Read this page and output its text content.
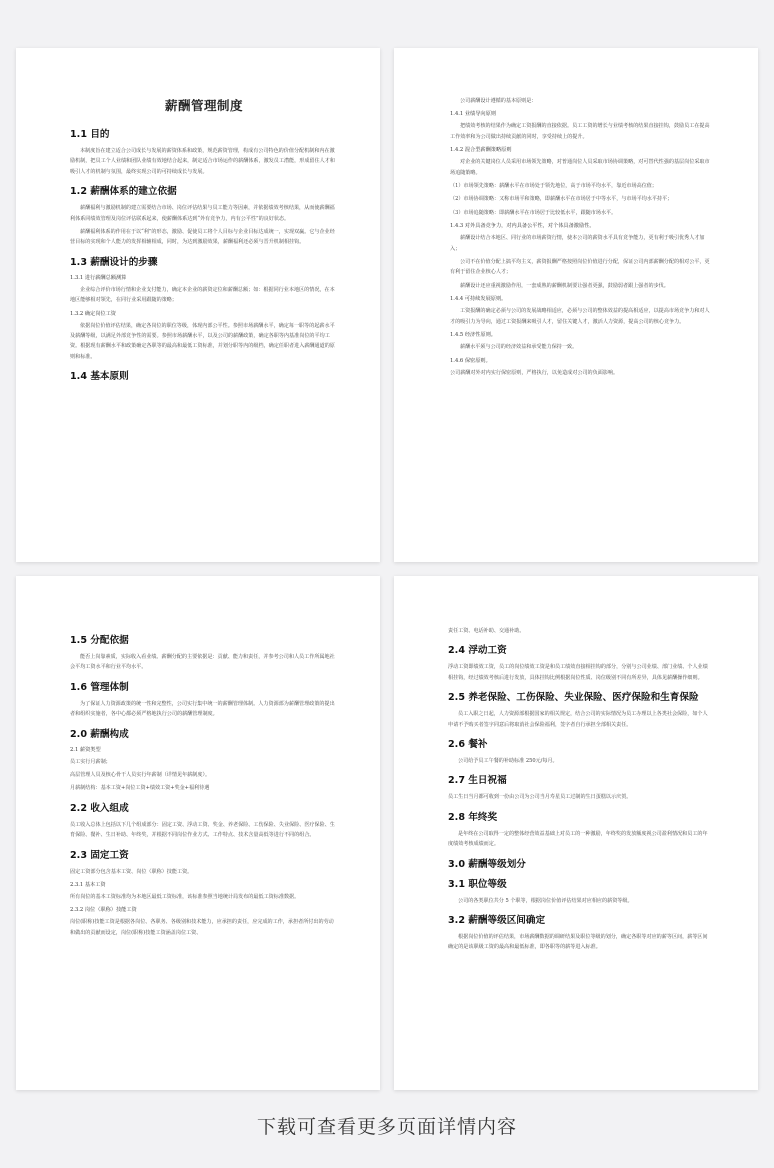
薪酬管理制度
1.1 目的
本制度旨在建立适合公司成长与发展的薪资体系和政策，规范薪资管理，构成有公司特色的价值分配机制和内在激励机制，把员工个人业绩和团队业绩有效地结合起来，制定适合市场运作的薪酬体系，激发员工潜能，形成留住人才和吸引人才的机制与氛围，最终实现公司的可持续成长与发展。
1.2 薪酬体系的建立依据
薪酬福利与激励机制的建立需要结合市场、岗位评估结果与员工能力等因素，并依据绩效考核结果，从而使薪酬福利体系同绩效管理及岗位评估联系起来，使薪酬体系达到“外有竞争力，内有公平性”的良好状态。
薪酬福利体系的作用在于以“利”的形态，激励、促使员工将个人目标与企业目标达成统一，实现双赢。它与企业经营目标的实现和个人能力的发挥相辅相成，同时，为达到激励效果，薪酬福利还必须与晋升机制相挂钩。
1.3 薪酬设计的步骤
1.3.1 进行薪酬总额测算
企业综合评价市场行情和企业支付能力，确定本企业的薪资定位和薪酬总额；如：根据同行业本地区的情况，在本地区能够相对领先，在同行业采用跟随的策略；
1.3.2 确定岗位工资
依据岗位价值评估结果，确定各岗位的职位等级，体现内部公平性。参照市场薪酬水平，确定每一职等的起薪水平及薪酬等级，以满足外部竞争性的需要。参照市场薪酬水平，以及公司的薪酬政策，确定各职等内基准岗位的平均工资。根据现有薪酬水平和政策确定各职等的最高和最低工资标准，并划分职等内的级档，确定任职者进入薪酬通道的原则和标准。
1.4 基本原则
公司薪酬设计遵循的基本原则是：
1.4.1 业绩导向原则
把绩效考核的结果作为确定工资报酬的直接依据。员工工资的增长与业绩考核的结果直接挂钩，鼓励员工在提高工作效率和为公司做出持续贡献的同时，享受持续上的提升。
1.4.2 混合型薪酬策略原则
对企业的关键岗位人员采用市场领先策略，对普通岗位人员采取市场协调策略，对可替代性强的基层岗位采取市场追随策略。
（1）市场领先策略：薪酬水平在市场处于领先地位，高于市场平均水平，靠近市场高位值；
（2）市场协调策略：又称市场平和策略，即薪酬水平在市场居于中等水平，与市场平均水平持平；
（3）市场追随策略：即薪酬水平在市场居于比较低水平，跟随市场水平。
1.4.3 对外具备竞争力，对内具备公平性，对个体具备激励性。
薪酬设计结合本地区、同行业的市场薪资行情，使本公司的薪资水平具有竞争能力，更有利于吸引优秀人才加入；
公司不在价值分配上搞平均主义，薪资报酬严格按照岗位价值进行分配，保证公司内部薪酬分配的相对公平，更有利于留住企业核心人才；
薪酬设计还应重视激励作用，一套成熟的薪酬机制要让强者更强，鼓励弱者跟上强者的步伐。
1.4.4 可持续发展原则。
工资报酬的确定必须与公司的发展战略相适应，必须与公司的整体效益的提高相适应，以提高市场竞争力和对人才的吸引力为导向，通过工资报酬来吸引人才，留住关键人才，激活人力资源，提高公司的核心竞争力。
1.4.5 经济性原则。
薪酬水平须与公司的经济效益和承受能力保持一致。
1.4.6 保密原则。
公司薪酬对外对内实行保密原则，严格执行，以免造成对公司的负面影响。
1.5 分配依据
能否上岗靠素质，实际收入看业绩。薪酬分配的主要依据是：贡献、能力和责任，并参考公司和人员工作所属地社会平均工资水平和行业平均水平。
1.6 管理体制
为了保证人力资源政策的统一性和完整性，公司实行集中统一的薪酬管理体制。人力资源部为薪酬管理政策的提出者和组织实施者，各中心都必须严格地执行公司的薪酬管理制度。
2.0 薪酬构成
2.1 薪资类型
员工实行月薪制；
高层管理人员及核心骨干人员实行年薪制（详情见年薪制度）。
月薪制结构：基本工资+岗位工资+绩效工资+奖金+福利待遇
2.2 收入组成
员工收入总体上包括以下几个组成部分：固定工资、浮动工资、奖金、养老保险、工伤保险、失业保险、医疗保险、生育保险、餐补、生日补助、年终奖，并根据不同岗位作业方式、工作特点、技术含量高低等进行不同的组合。
2.3 固定工资
固定工资部分包含基本工资、岗位（职称）技能工资。
2.3.1 基本工资
所有岗位的基本工资标准均为本地区最低工资标准，该标准参照当地统计局发布的最低工资标准数据。
2.3.2 岗位（职称）技能工资
岗位(职称)技能工资是根据各岗位、各职务、各级别和技术能力，应承担的责任，应完成的工作，承担者所付出的劳动和做出的贡献而设定，岗位(职称)技能工资涵盖岗位工资、
责任工资、电话补助、交通补助。
2.4 浮动工资
浮动工资即绩效工资，员工的岗位绩效工资是和员工绩效直接相挂钩的部分，分别与公司业绩、部门业绩、个人业绩相挂钩，经过绩效考核后进行发放，具体挂钩比例根据岗位性质、岗位级别不同有所差异，具体见薪酬操作细则。
2.5 养老保险、工伤保险、失业保险、医疗保险和生育保险
员工入职之日起，人力资源部根据国家的相关规定，结合公司的实际情况为员工办理以上各类社会保险，如个人申请不予购买者签字同意后将取消社会保险福利，签字者自行承担全部相关责任。
2.6 餐补
公司给予员工午餐的补助标准 250元/每月。
2.7 生日祝福
员工生日当月都可收到一份由公司为公司当月寿星员工过制的生日蛋糕以示庆贺。
2.8 年终奖
是年终在公司取得一定的整体经营效益基础上对员工的一种激励，年终奖的发放额度视公司盈利情况和员工的年度绩效考核成绩而定。
3.0 薪酬等级划分
3.1 职位等级
公司的各类职位共分 5 个职等，根据岗位价值评估结果对应相应的薪资等级。
3.2 薪酬等级区间确定
根据岗位价值的评估结果，市场薪酬数据的调研结果及职位等级的划分，确定各职等对应的薪等区间，薪等区间确定的是该职级工资的最高和最低标准，即各职等的薪等进入标准。
下载可查看更多页面详情内容
